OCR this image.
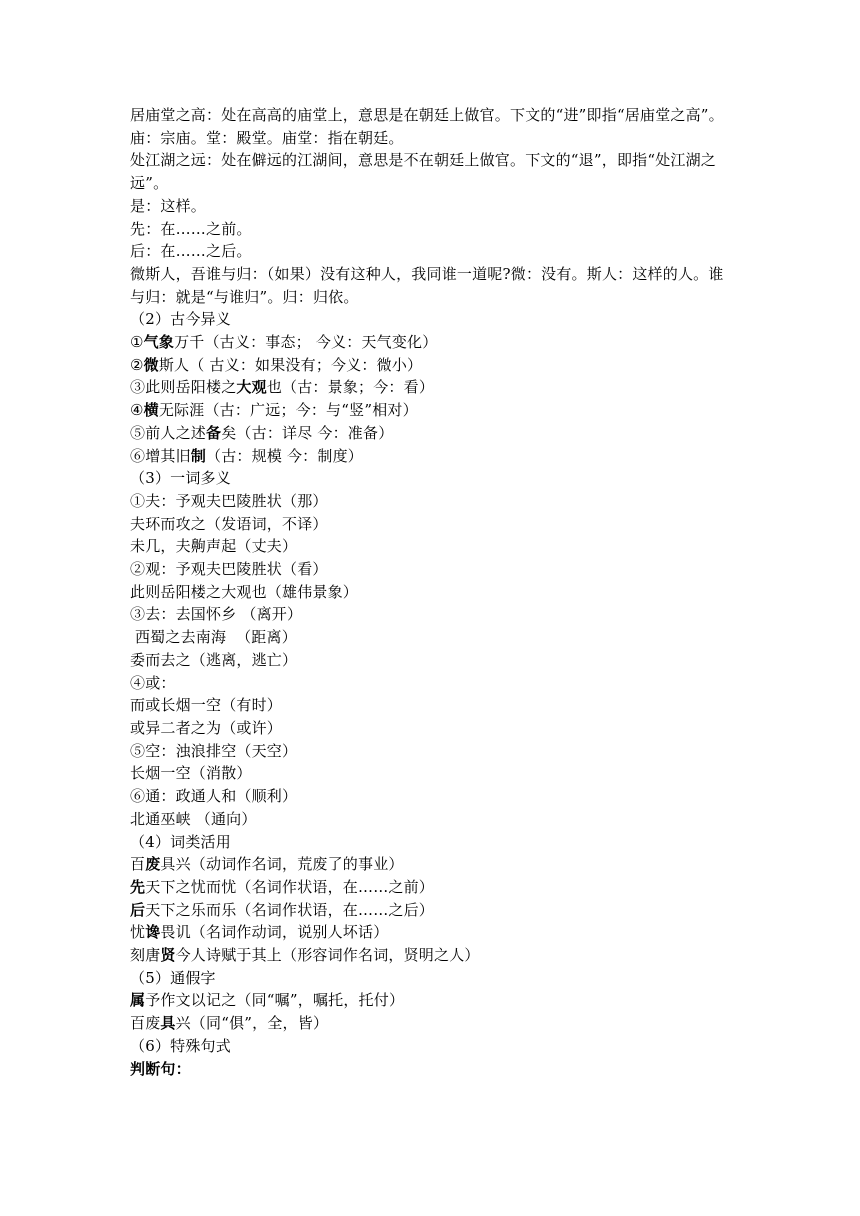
居庙堂之高：处在高高的庙堂上，意思是在朝廷上做官。下文的“进”即指“居庙堂之高”。
庙：宗庙。堂：殿堂。庙堂：指在朝廷。
处江湖之远：处在僻远的江湖间，意思是不在朝廷上做官。下文的“退”，即指“处江湖之远”。
是：这样。
先：在……之前。
后：在……之后。
微斯人，吾谁与归：（如果）没有这种人，我同谁一道呢?微：没有。斯人：这样的人。谁与归：就是“与谁归”。归：归依。
（2）古今异义
①气象万千（古义：事态； 今义：天气变化）
②微斯人（ 古义：如果没有；今义：微小）
③此则岳阳楼之大观也（古：景象；今：看）
④横无际涯（古：广远；今：与“竖”相对）
⑤前人之述备矣（古：详尽 今：准备）
⑥增其旧制（古：规模 今：制度）
（3）一词多义
①夫：予观夫巴陵胜状（那）
夫环而攻之（发语词，不译）
未几，夫齁声起（丈夫）
②观：予观夫巴陵胜状（看）
此则岳阳楼之大观也（雄伟景象）
③去：去国怀乡 （离开）
西蜀之去南海  （距离）
委而去之（逃离，逃亡）
④或：
而或长烟一空（有时）
或异二者之为（或许）
⑤空：浊浪排空（天空）
长烟一空（消散）
⑥通：政通人和（顺利）
北通巫峡 （通向）
（4）词类活用
百废具兴（动词作名词，荒废了的事业）
先天下之忧而忧（名词作状语，在……之前）
后天下之乐而乐（名词作状语，在……之后）
忧谗畏讥（名词作动词，说别人坏话）
刻唐贤今人诗赋于其上（形容词作名词，贤明之人）
（5）通假字
属予作文以记之（同“嘱”，嘱托，托付）
百废具兴（同“俱”，全，皆）
（6）特殊句式
判断句：
